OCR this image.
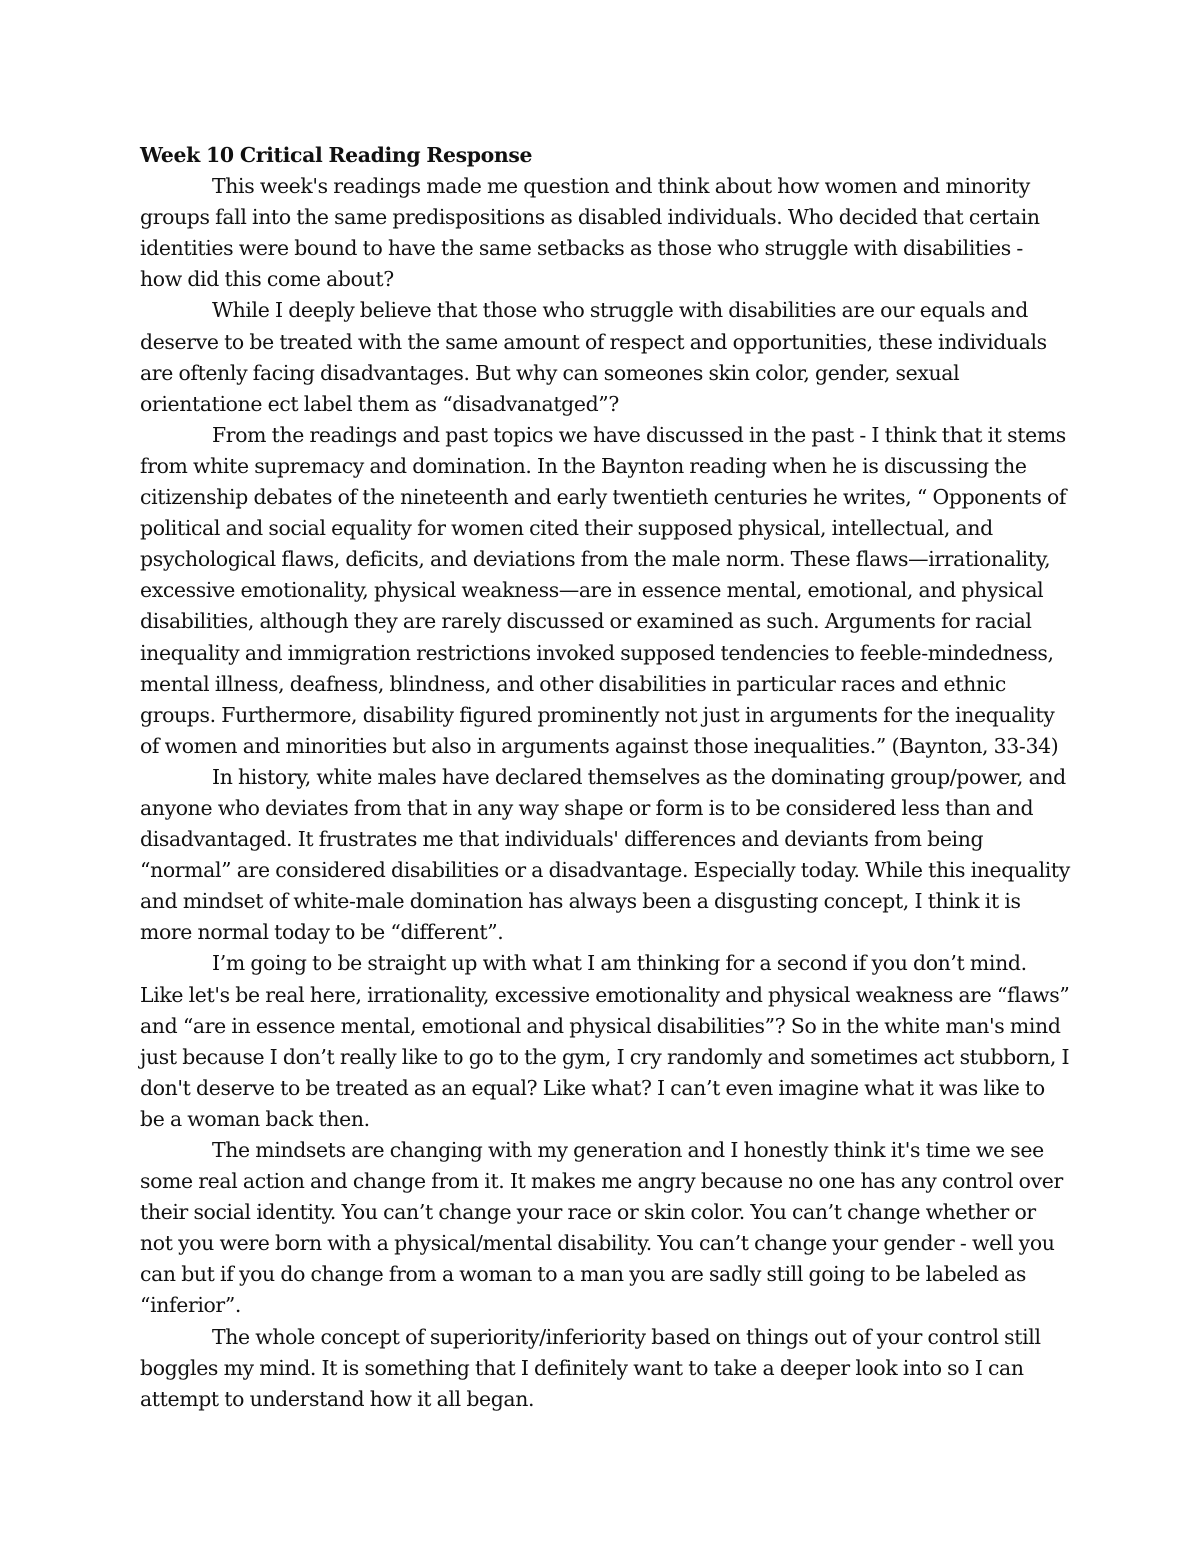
Week 10 Critical Reading Response

This week's readings made me question and think about how women and minority groups fall into the same predispositions as disabled individuals. Who decided that certain identities were bound to have the same setbacks as those who struggle with disabilities - how did this come about?

While I deeply believe that those who struggle with disabilities are our equals and deserve to be treated with the same amount of respect and opportunities, these individuals are oftenly facing disadvantages. But why can someones skin color, gender, sexual orientatione ect label them as “disadvanatged”?

From the readings and past topics we have discussed in the past - I think that it stems from white supremacy and domination. In the Baynton reading when he is discussing the citizenship debates of the nineteenth and early twentieth centuries he writes, “ Opponents of political and social equality for women cited their supposed physical, intellectual, and psychological flaws, deficits, and deviations from the male norm. These flaws—irrationality, excessive emotionality, physical weakness—are in essence mental, emotional, and physical disabilities, although they are rarely discussed or examined as such. Arguments for racial inequality and immigration restrictions invoked supposed tendencies to feeble-mindedness, mental illness, deafness, blindness, and other disabilities in particular races and ethnic groups. Furthermore, disability figured prominently not just in arguments for the inequality of women and minorities but also in arguments against those inequalities.” (Baynton, 33-34)

In history, white males have declared themselves as the dominating group/power, and anyone who deviates from that in any way shape or form is to be considered less than and disadvantaged. It frustrates me that individuals' differences and deviants from being “normal” are considered disabilities or a disadvantage. Especially today. While this inequality and mindset of white-male domination has always been a disgusting concept, I think it is more normal today to be “different”.

I’m going to be straight up with what I am thinking for a second if you don’t mind. Like let's be real here, irrationality, excessive emotionality and physical weakness are “flaws” and “are in essence mental, emotional and physical disabilities”? So in the white man's mind just because I don’t really like to go to the gym, I cry randomly and sometimes act stubborn, I don't deserve to be treated as an equal? Like what? I can’t even imagine what it was like to be a woman back then.

The mindsets are changing with my generation and I honestly think it's time we see some real action and change from it. It makes me angry because no one has any control over their social identity. You can’t change your race or skin color. You can’t change whether or not you were born with a physical/mental disability. You can’t change your gender - well you can but if you do change from a woman to a man you are sadly still going to be labeled as “inferior”.

The whole concept of superiority/inferiority based on things out of your control still boggles my mind. It is something that I definitely want to take a deeper look into so I can attempt to understand how it all began.
